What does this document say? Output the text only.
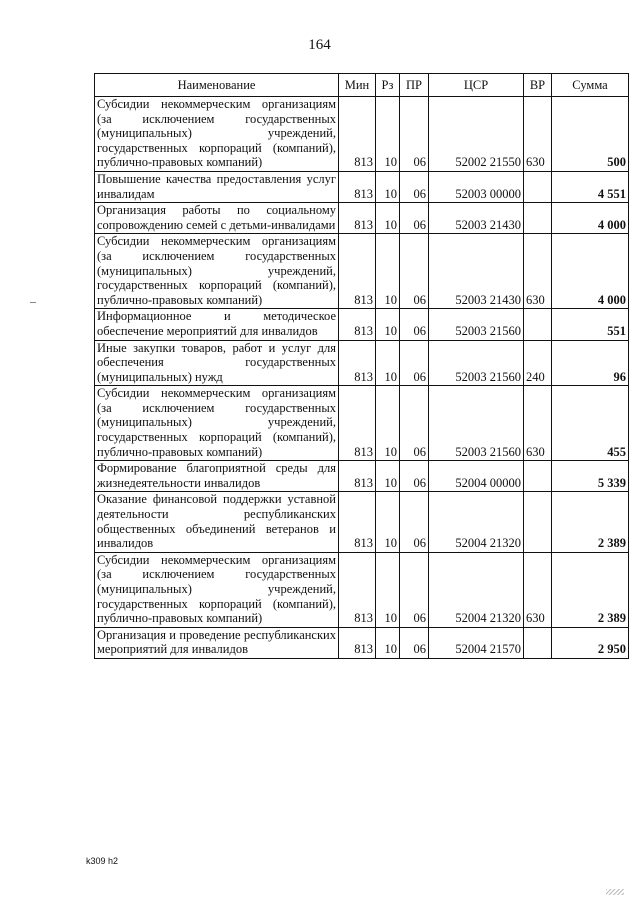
164
Наименование	Мин	Рз	ПР	ЦСР	ВР	Сумма
Субсидии некоммерческим организациям (за исключением государственных (муниципальных) учреждений, государственных корпораций (компаний), публично-правовых компаний)	813	10	06	52002 21550	630	500
Повышение качества предоставления услуг инвалидам	813	10	06	52003 00000		4 551
Организация работы по социальному сопровождению семей с детьми-инвалидами	813	10	06	52003 21430		4 000
Субсидии некоммерческим организациям (за исключением государственных (муниципальных) учреждений, государственных корпораций (компаний), публично-правовых компаний)	813	10	06	52003 21430	630	4 000
Информационное и методическое обеспечение мероприятий для инвалидов	813	10	06	52003 21560		551
Иные закупки товаров, работ и услуг для обеспечения государственных (муниципальных) нужд	813	10	06	52003 21560	240	96
Субсидии некоммерческим организациям (за исключением государственных (муниципальных) учреждений, государственных корпораций (компаний), публично-правовых компаний)	813	10	06	52003 21560	630	455
Формирование благоприятной среды для жизнедеятельности инвалидов	813	10	06	52004 00000		5 339
Оказание финансовой поддержки уставной деятельности республиканских общественных объединений ветеранов и инвалидов	813	10	06	52004 21320		2 389
Субсидии некоммерческим организациям (за исключением государственных (муниципальных) учреждений, государственных корпораций (компаний), публично-правовых компаний)	813	10	06	52004 21320	630	2 389
Организация и проведение республиканских мероприятий для инвалидов	813	10	06	52004 21570		2 950
k309 h2
